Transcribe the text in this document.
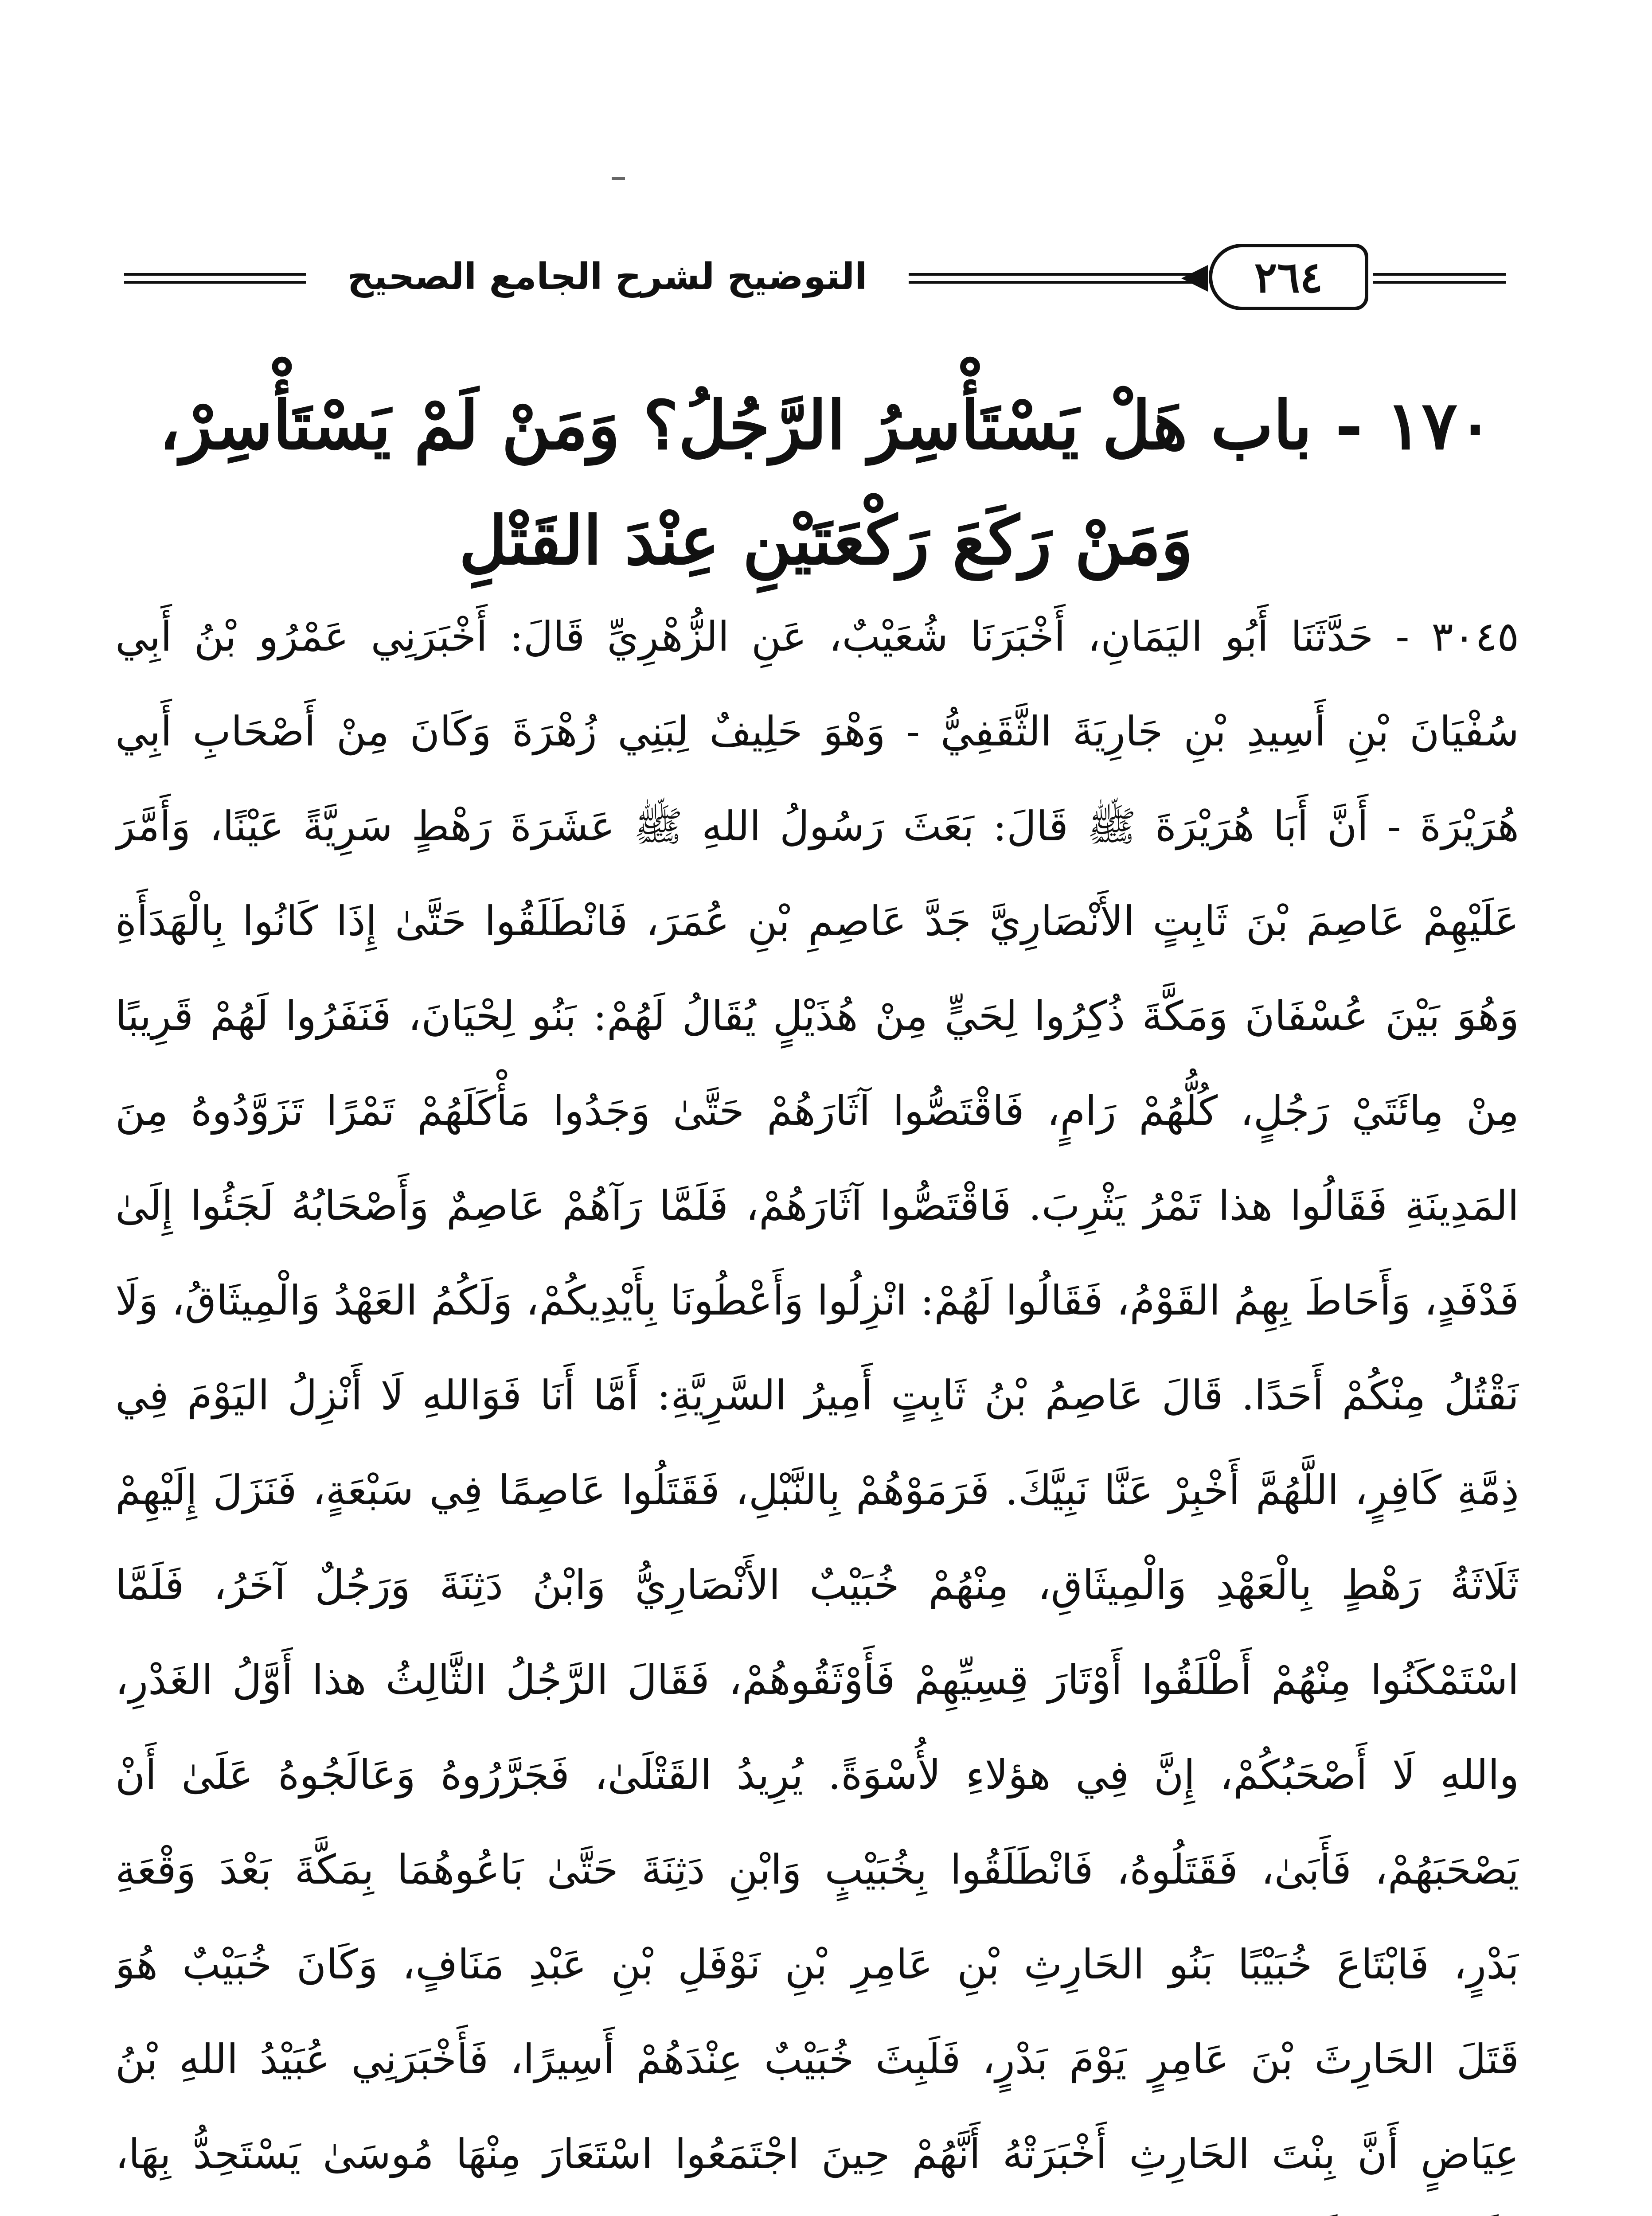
٢٦٤
التوضيح لشرح الجامع الصحيح
١٧٠ - باب هَلْ يَسْتَأْسِرُ الرَّجُلُ؟ وَمَنْ لَمْ يَسْتَأْسِرْ،
وَمَنْ رَكَعَ رَكْعَتَيْنِ عِنْدَ القَتْلِ
٣٠٤٥ - حَدَّثَنَا أَبُو اليَمَانِ، أَخْبَرَنَا شُعَيْبٌ، عَنِ الزُّهْرِيِّ قَالَ: أَخْبَرَنِي عَمْرُو بْنُ أَبِي
سُفْيَانَ بْنِ أَسِيدِ بْنِ جَارِيَةَ الثَّقَفِيُّ - وَهْوَ حَلِيفٌ لِبَنِي زُهْرَةَ وَكَانَ مِنْ أَصْحَابِ أَبِي
هُرَيْرَةَ - أَنَّ أَبَا هُرَيْرَةَ ﷺ قَالَ: بَعَثَ رَسُولُ اللهِ ﷺ عَشَرَةَ رَهْطٍ سَرِيَّةً عَيْنًا، وَأَمَّرَ
عَلَيْهِمْ عَاصِمَ بْنَ ثَابِتٍ الأَنْصَارِيَّ جَدَّ عَاصِمِ بْنِ عُمَرَ، فَانْطَلَقُوا حَتَّىٰ إِذَا كَانُوا بِالْهَدَأَةِ
وَهُوَ بَيْنَ عُسْفَانَ وَمَكَّةَ ذُكِرُوا لِحَيٍّ مِنْ هُذَيْلٍ يُقَالُ لَهُمْ: بَنُو لِحْيَانَ، فَنَفَرُوا لَهُمْ قَرِيبًا
مِنْ مِائَتَيْ رَجُلٍ، كُلُّهُمْ رَامٍ، فَاقْتَصُّوا آثَارَهُمْ حَتَّىٰ وَجَدُوا مَأْكَلَهُمْ تَمْرًا تَزَوَّدُوهُ مِنَ
المَدِينَةِ فَقَالُوا هذا تَمْرُ يَثْرِبَ. فَاقْتَصُّوا آثَارَهُمْ، فَلَمَّا رَآهُمْ عَاصِمٌ وَأَصْحَابُهُ لَجَئُوا إِلَىٰ
فَدْفَدٍ، وَأَحَاطَ بِهِمُ القَوْمُ، فَقَالُوا لَهُمْ: انْزِلُوا وَأَعْطُونَا بِأَيْدِيكُمْ، وَلَكُمُ العَهْدُ وَالْمِيثَاقُ، وَلَا
نَقْتُلُ مِنْكُمْ أَحَدًا. قَالَ عَاصِمُ بْنُ ثَابِتٍ أَمِيرُ السَّرِيَّةِ: أَمَّا أَنَا فَوَاللهِ لَا أَنْزِلُ اليَوْمَ فِي
ذِمَّةِ كَافِرٍ، اللَّهُمَّ أَخْبِرْ عَنَّا نَبِيَّكَ. فَرَمَوْهُمْ بِالنَّبْلِ، فَقَتَلُوا عَاصِمًا فِي سَبْعَةٍ، فَنَزَلَ إِلَيْهِمْ
ثَلَاثَةُ رَهْطٍ بِالْعَهْدِ وَالْمِيثَاقِ، مِنْهُمْ خُبَيْبٌ الأَنْصَارِيُّ وَابْنُ دَثِنَةَ وَرَجُلٌ آخَرُ، فَلَمَّا
اسْتَمْكَنُوا مِنْهُمْ أَطْلَقُوا أَوْتَارَ قِسِيِّهِمْ فَأَوْثَقُوهُمْ، فَقَالَ الرَّجُلُ الثَّالِثُ هذا أَوَّلُ الغَدْرِ،
واللهِ لَا أَصْحَبُكُمْ، إِنَّ فِي هؤلاءِ لأُسْوَةً. يُرِيدُ القَتْلَىٰ، فَجَرَّرُوهُ وَعَالَجُوهُ عَلَىٰ أَنْ
يَصْحَبَهُمْ، فَأَبَىٰ، فَقَتَلُوهُ، فَانْطَلَقُوا بِخُبَيْبٍ وَابْنِ دَثِنَةَ حَتَّىٰ بَاعُوهُمَا بِمَكَّةَ بَعْدَ وَقْعَةِ
بَدْرٍ، فَابْتَاعَ خُبَيْبًا بَنُو الحَارِثِ بْنِ عَامِرِ بْنِ نَوْفَلِ بْنِ عَبْدِ مَنَافٍ، وَكَانَ خُبَيْبٌ هُوَ
قَتَلَ الحَارِثَ بْنَ عَامِرٍ يَوْمَ بَدْرٍ، فَلَبِثَ خُبَيْبٌ عِنْدَهُمْ أَسِيرًا، فَأَخْبَرَنِي عُبَيْدُ اللهِ بْنُ
عِيَاضٍ أَنَّ بِنْتَ الحَارِثِ أَخْبَرَتْهُ أَنَّهُمْ حِينَ اجْتَمَعُوا اسْتَعَارَ مِنْهَا مُوسَىٰ يَسْتَحِدُّ بِهَا،
